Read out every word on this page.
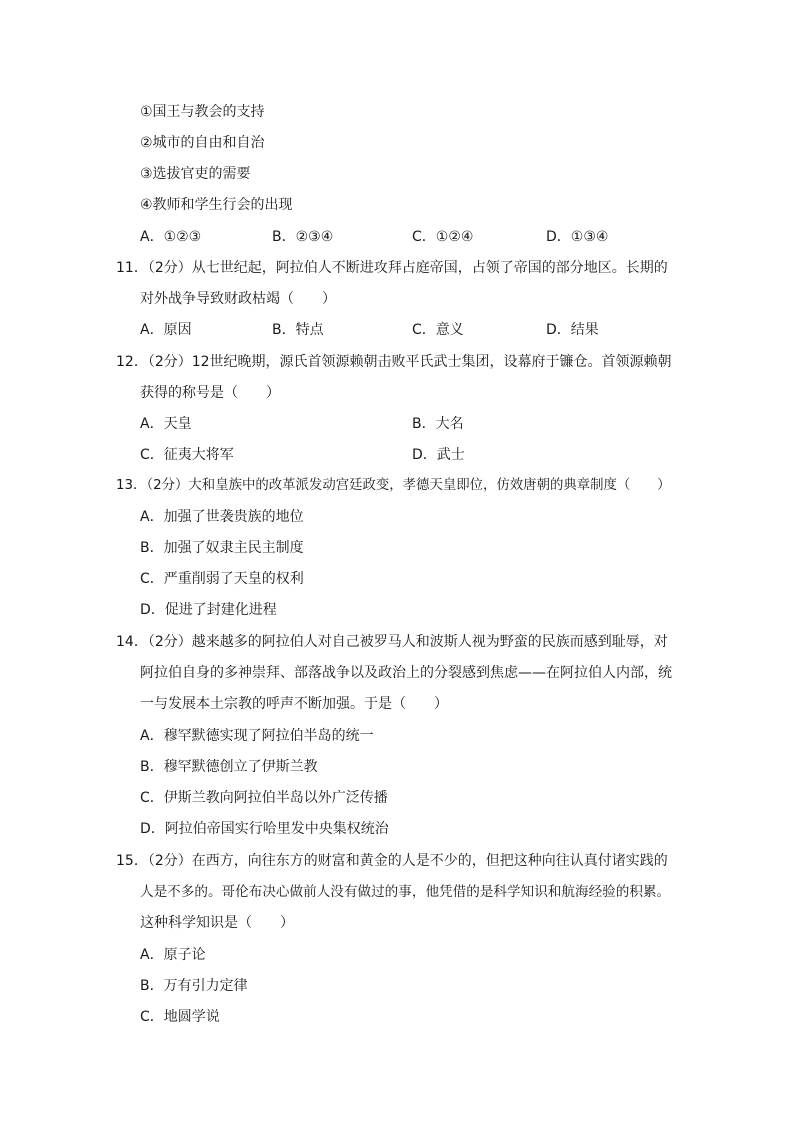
①国王与教会的支持
②城市的自由和自治
③选拔官吏的需要
④教师和学生行会的出现
A．①②③	B．②③④	C．①②④	D．①③④
11．（2分）从七世纪起，阿拉伯人不断进攻拜占庭帝国，占领了帝国的部分地区。长期的
对外战争导致财政枯竭（　　）
A．原因	B．特点	C．意义	D．结果
12．（2分）12世纪晚期，源氏首领源赖朝击败平氏武士集团，设幕府于镰仓。首领源赖朝
获得的称号是（　　）
A．天皇	B．大名
C．征夷大将军	D．武士
13．（2分）大和皇族中的改革派发动宫廷政变，孝德天皇即位，仿效唐朝的典章制度（　　）
A．加强了世袭贵族的地位
B．加强了奴隶主民主制度
C．严重削弱了天皇的权利
D．促进了封建化进程
14．（2分）越来越多的阿拉伯人对自己被罗马人和波斯人视为野蛮的民族而感到耻辱，对
阿拉伯自身的多神崇拜、部落战争以及政治上的分裂感到焦虑——在阿拉伯人内部，统
一与发展本土宗教的呼声不断加强。于是（　　）
A．穆罕默德实现了阿拉伯半岛的统一
B．穆罕默德创立了伊斯兰教
C．伊斯兰教向阿拉伯半岛以外广泛传播
D．阿拉伯帝国实行哈里发中央集权统治
15．（2分）在西方，向往东方的财富和黄金的人是不少的，但把这种向往认真付诸实践的
人是不多的。哥伦布决心做前人没有做过的事，他凭借的是科学知识和航海经验的积累。
这种科学知识是（　　）
A．原子论
B．万有引力定律
C．地圆学说
